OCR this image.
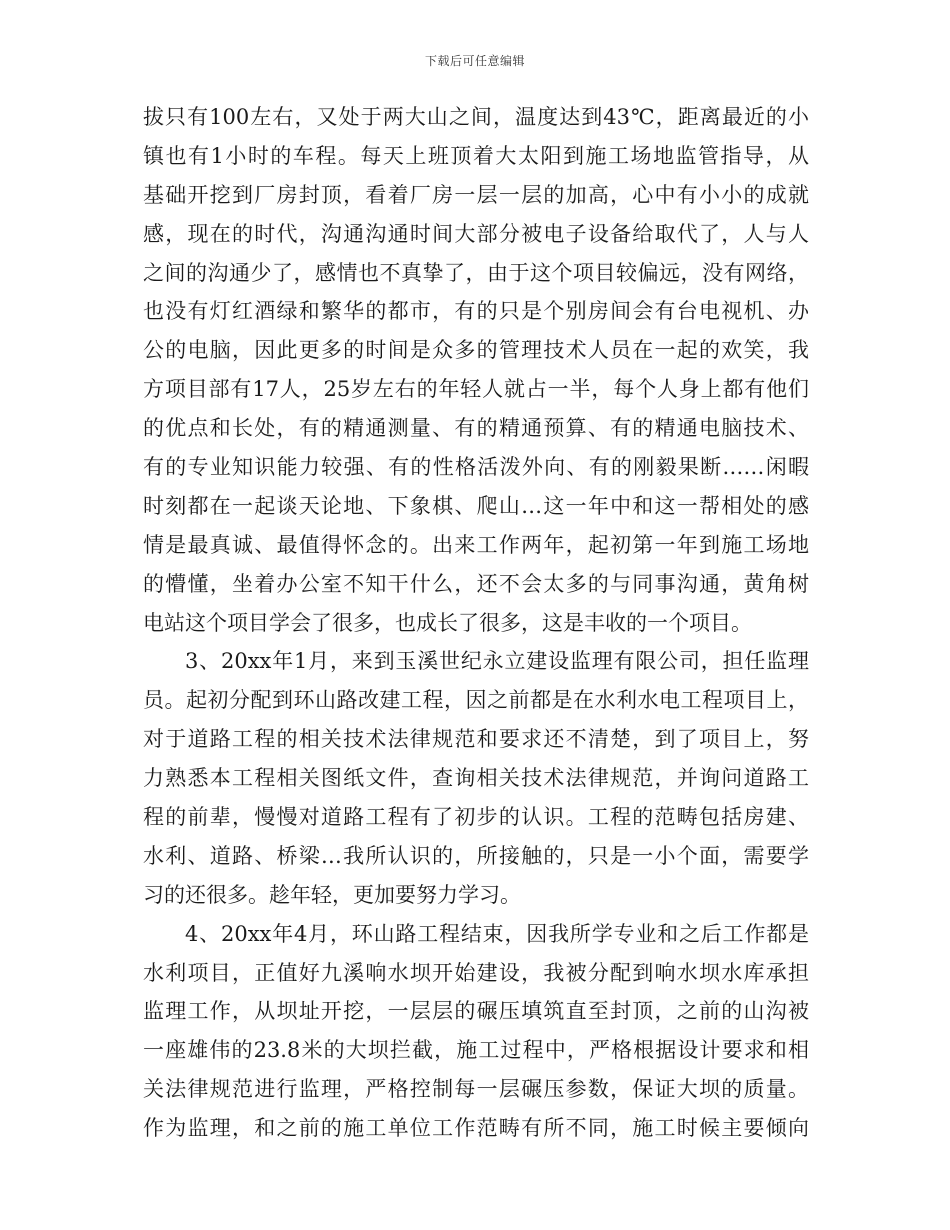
下载后可任意编辑
拔只有100左右，又处于两大山之间，温度达到43℃，距离最近的小
镇也有1小时的车程。每天上班顶着大太阳到施工场地监管指导，从
基础开挖到厂房封顶，看着厂房一层一层的加高，心中有小小的成就
感，现在的时代，沟通沟通时间大部分被电子设备给取代了，人与人
之间的沟通少了，感情也不真挚了，由于这个项目较偏远，没有网络，
也没有灯红酒绿和繁华的都市，有的只是个别房间会有台电视机、办
公的电脑，因此更多的时间是众多的管理技术人员在一起的欢笑，我
方项目部有17人，25岁左右的年轻人就占一半，每个人身上都有他们
的优点和长处，有的精通测量、有的精通预算、有的精通电脑技术、
有的专业知识能力较强、有的性格活泼外向、有的刚毅果断……闲暇
时刻都在一起谈天论地、下象棋、爬山…这一年中和这一帮相处的感
情是最真诚、最值得怀念的。出来工作两年，起初第一年到施工场地
的懵懂，坐着办公室不知干什么，还不会太多的与同事沟通，黄角树
电站这个项目学会了很多，也成长了很多，这是丰收的一个项目。
3、20xx年1月，来到玉溪世纪永立建设监理有限公司，担任监理
员。起初分配到环山路改建工程，因之前都是在水利水电工程项目上，
对于道路工程的相关技术法律规范和要求还不清楚，到了项目上，努
力熟悉本工程相关图纸文件，查询相关技术法律规范，并询问道路工
程的前辈，慢慢对道路工程有了初步的认识。工程的范畴包括房建、
水利、道路、桥梁…我所认识的，所接触的，只是一小个面，需要学
习的还很多。趁年轻，更加要努力学习。
4、20xx年4月，环山路工程结束，因我所学专业和之后工作都是
水利项目，正值好九溪响水坝开始建设，我被分配到响水坝水库承担
监理工作，从坝址开挖，一层层的碾压填筑直至封顶，之前的山沟被
一座雄伟的23.8米的大坝拦截，施工过程中，严格根据设计要求和相
关法律规范进行监理，严格控制每一层碾压参数，保证大坝的质量。
作为监理，和之前的施工单位工作范畴有所不同，施工时候主要倾向
